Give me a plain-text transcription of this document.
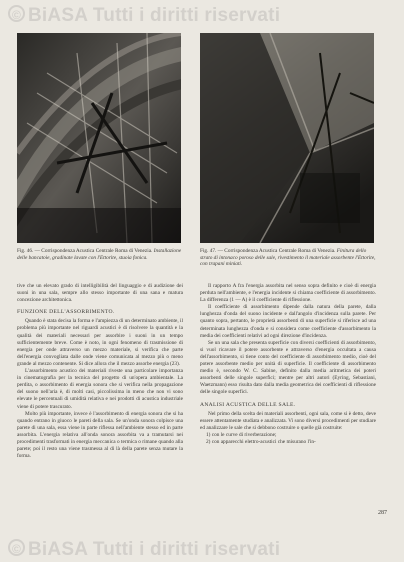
© BiASA Tutti i diritti riservati
Fig. 46. — Corrispondenza Acustica Centrale Roma di Venezia. Installazione delle bancatoie, gradinate lavate con l'Ettorite, stuoia fonica.
Fig. 47. — Corrispondenza Acustica Centrale Roma di Venezia. Finitura dello strato di intonaco poroso delle sale, rivestimento il materiale assorbente l'Ettorite, con trapani miniati.

tive che un elevato grado di intelligibilità del linguaggio e di audizione dei suoni in una sala, sempre allo stesso importante di una sana e matura concezione architettonica.

FUNZIONE DELL'ASSORBIMENTO.

Quando è stata decisa la forma e l'ampiezza di un determinato ambiente, il problema più importante nel riguardi acustici è di risolvere la quantità e la qualità dei materiali necessari per assorbire i suoni in un tempo sufficientemente breve. Come è noto, in ogni fenomeno di trasmissione di energia per onde attraverso un mezzo materiale, si verifica che parte dell'energia convogliata dalle onde viene comunicata al mezzo più o meno grande al mezzo contenente. Si dice allora che il mezzo assorbe energia (23).

L'assorbimento acustico dei materiali riveste una particolare importanza in cinematografia per la tecnica del progetto di un'opera ambientale. La perdita, o assorbimento di energia sonora che si verifica nella propagazione del suono nell'aria è, di molti casi, piccolissima in meno che non vi sono elevate le percentuali di umidità relativa e nei prodotti di acustica industriale viene di potere trascurato.

Molto più importante, invece è l'assorbimento di energia sonora che si ha quando entrano in giuoco le pareti della sala. Se un'onda sonora colpisce una parete di una sala, essa viene in parte riflessa nell'ambiente stesso ed in parte assorbita. L'energia relativa all'onda sonora assorbita va a tramutarsi nei procedimenti trasformati in energia meccanica o termica o rimane quando alla parete; poi il resto una viene trasmessa al di là della parete senza mutare la forma.

Il rapporto A fra l'energia assorbita nel senso sopra definito e cioè di energia perduta nell'ambiente, e l'energia incidente si chiama coefficiente di assorbimento. La differenza (1 — A) è il coefficiente di riflessione.

Il coefficiente di assorbimento dipende dalla natura della parete, dalla lunghezza d'onda del suono incidente e dall'angolo d'incidenza sulla parete. Per quanto sopra, pertanto, le proprietà assorbenti di una superficie si riferisce ad una determinata lunghezza d'onda e si considera come coefficiente d'assorbimento la media dei coefficienti relativi ad ogni direzione d'incidenza.

Se un una sala che presenta superficie con diversi coefficienti di assorbimento, si vuol ricavare il potere assorbente e attraverso d'energia occultata a causa dell'assorbimento, si tiene conto del coefficiente di assorbimento medio, cioè del potere assorbente medio per unità di superficie. Il coefficiente di assorbimento medio è, secondo W. C. Sabine, definito dalla media aritmetica dei poteri assorbenti delle singole superfici; mentre per altri autori (Eyring, Sebastiani, Waetzmann) esso risulta dato dalla media geometrica dei coefficienti di riflessione delle singole superfici.

ANALISI ACUSTICA DELLE SALE.

Nel primo della scelta dei materiali assorbenti, ogni sala, come si è detto, deve essere attentamente studiata e analizzata. Vi sono diversi procedimenti per studiare ed analizzare le sale che si debbono costruire o quelle già costruite:

1) con le curve di riverberazione;

2) con apparecchi elettro-acustici che misurano l'in-

287
© BiASA Tutti i diritti riservati
